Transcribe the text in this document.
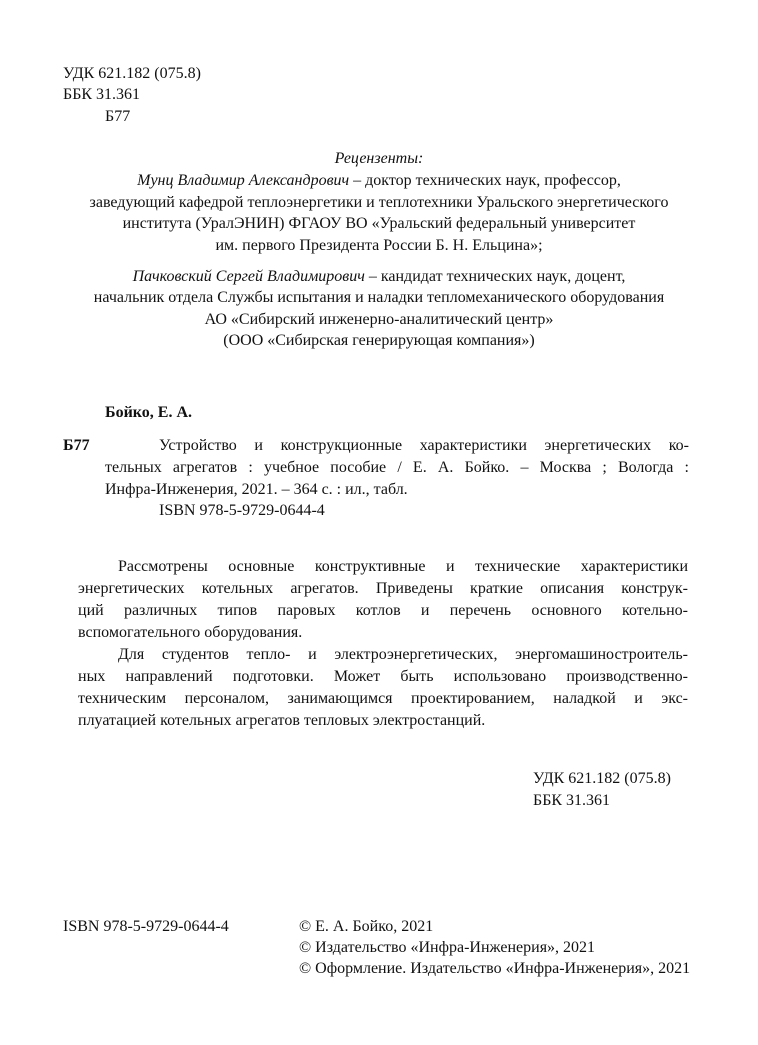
УДК 621.182 (075.8)
ББК 31.361
Б77
Рецензенты:
Мунц Владимир Александрович – доктор технических наук, профессор,
заведующий кафедрой теплоэнергетики и теплотехники Уральского энергетического
института (УралЭНИН) ФГАОУ ВО «Уральский федеральный университет
им. первого Президента России Б. Н. Ельцина»;
Пачковский Сергей Владимирович – кандидат технических наук, доцент,
начальник отдела Службы испытания и наладки тепломеханического оборудования
АО «Сибирский инженерно-аналитический центр»
(ООО «Сибирская генерирующая компания»)
Бойко, Е. А.
Б77	Устройство и конструкционные характеристики энергетических ко-
тельных агрегатов : учебное пособие / Е. А. Бойко. – Москва ; Вологда :
Инфра-Инженерия, 2021. – 364 с. : ил., табл.
ISBN 978-5-9729-0644-4
Рассмотрены основные конструктивные и технические характеристики
энергетических котельных агрегатов. Приведены краткие описания конструк-
ций различных типов паровых котлов и перечень основного котельно-
вспомогательного оборудования.
Для студентов тепло- и электроэнергетических, энергомашиностроитель-
ных направлений подготовки. Может быть использовано производственно-
техническим персоналом, занимающимся проектированием, наладкой и экс-
плуатацией котельных агрегатов тепловых электростанций.
УДК 621.182 (075.8)
ББК 31.361
ISBN 978-5-9729-0644-4	© Е. А. Бойко, 2021
© Издательство «Инфра-Инженерия», 2021
© Оформление. Издательство «Инфра-Инженерия», 2021
